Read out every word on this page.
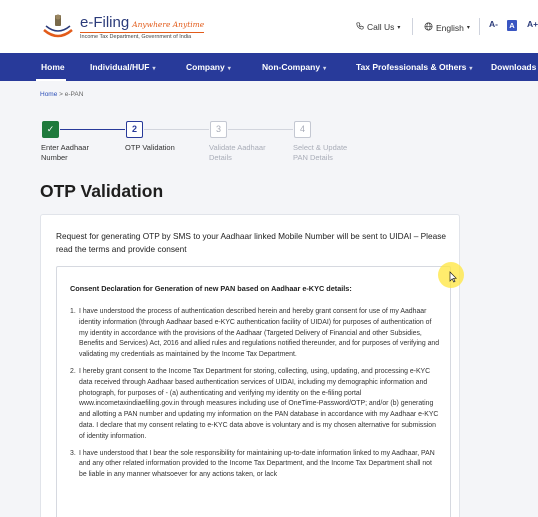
e-Filing Anywhere Anytime
Income Tax Department, Government of India
Call Us ▾	English ▾ A-	A A+
Home	Individual/HUF ▾	Company ▾	Non-Company ▾	Tax Professionals & Others ▾ Downloads
Home > e-PAN
✓	2	3	4
Enter Aadhaar
Number
OTP Validation	Validate Aadhaar
Details
Select & Update
PAN Details
OTP Validation
Request for generating OTP by SMS to your Aadhaar linked Mobile Number will be sent to UIDAI – Please read the terms and provide consent
Consent Declaration for Generation of new PAN based on Aadhaar e-KYC details:
1. I have understood the process of authentication described herein and hereby grant consent for use of my Aadhaar identity information (through Aadhaar based e-KYC authentication facility of UIDAI) for purposes of authentication of my identity in accordance with the provisions of the Aadhaar (Targeted Delivery of Financial and other Subsidies, Benefits and Services) Act, 2016 and allied rules and regulations notified thereunder, and for purposes of verifying and validating my credentials as maintained by the Income Tax Department.
2. I hereby grant consent to the Income Tax Department for storing, collecting, using, updating, and processing e-KYC data received through Aadhaar based authentication services of UIDAI, including my demographic information and photograph, for purposes of - (a) authenticating and verifying my identity on the e-filing portal www.incometaxindiaefiling.gov.in through measures including use of OneTime-Password/OTP; and/or (b) generating and allotting a PAN number and updating my information on the PAN database in accordance with my Aadhaar e-KYC data. I declare that my consent relating to e-KYC data above is voluntary and is my chosen alternative for submission of identity information.
3. I have understood that I bear the sole responsibility for maintaining up-to-date information linked to my Aadhaar, PAN and any other related information provided to the Income Tax Department, and the Income Tax Department shall not be liable in any manner whatsoever for any actions taken, or lack
